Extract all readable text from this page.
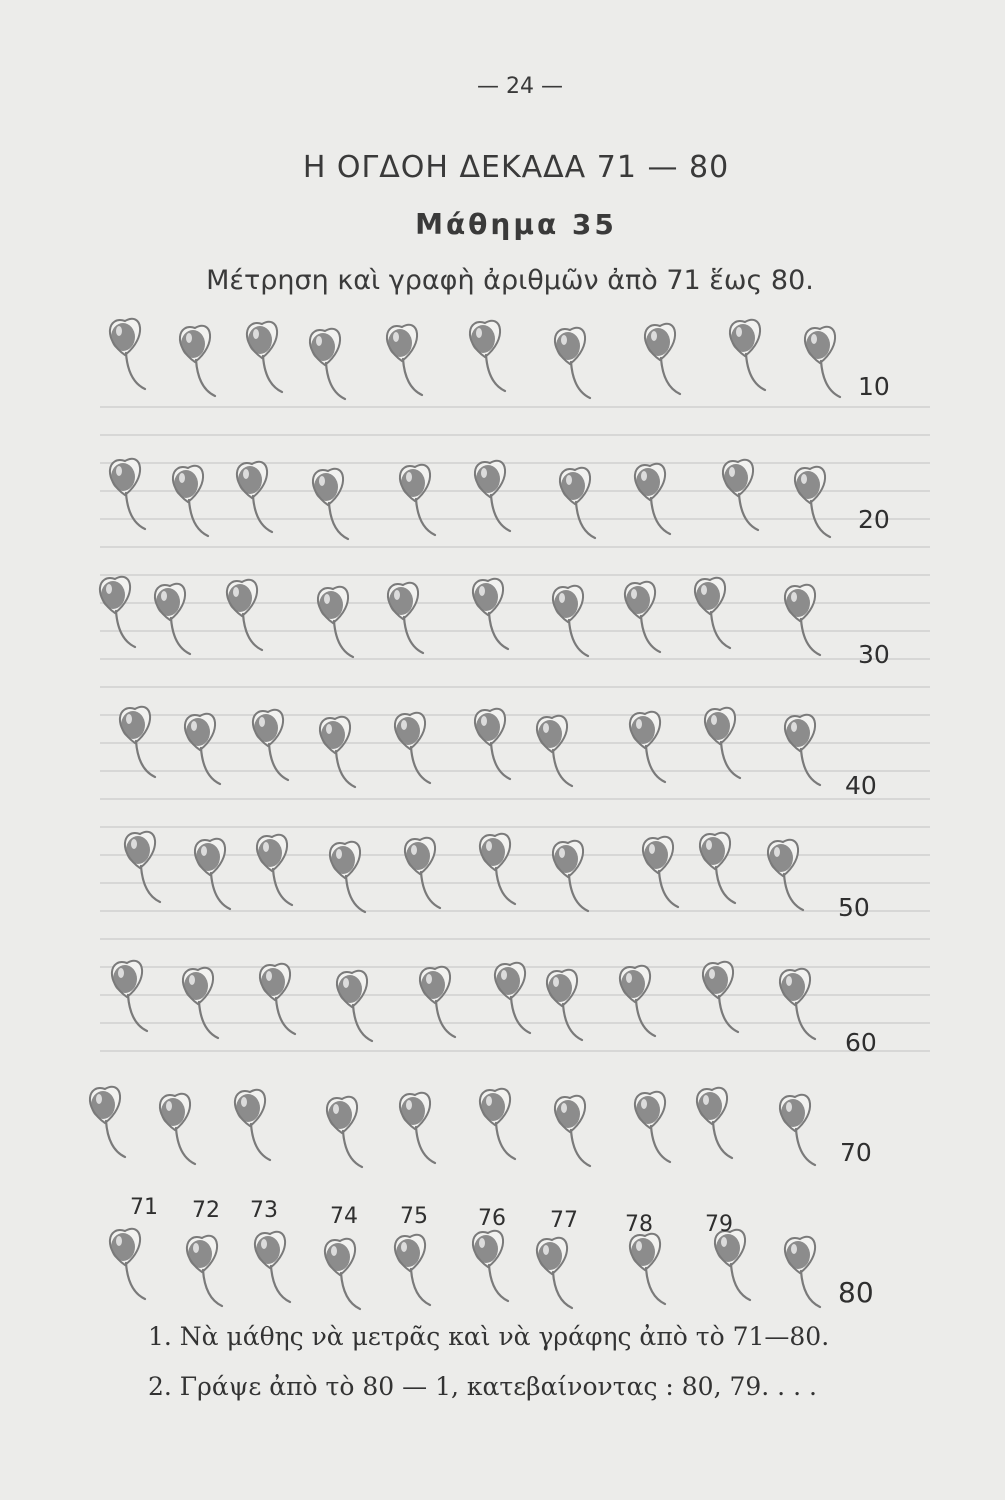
— 24 —
Η ΟΓΔΟΗ ΔΕΚΑΔΑ 71 — 80
Μάθημα 35
Μέτρηση καὶ γραφὴ ἀριθμῶν ἀπὸ 71 ἕως 80.
10
20
30
40
50
60
70
80
71 72 73 74 75 76 77 78 79
1. Νὰ μάθης νὰ μετρᾶς καὶ νὰ γράφης ἀπὸ τὸ 71—80.
2. Γράψε ἀπὸ τὸ 80 — 1, κατεβαίνοντας : 80, 79. . . .
